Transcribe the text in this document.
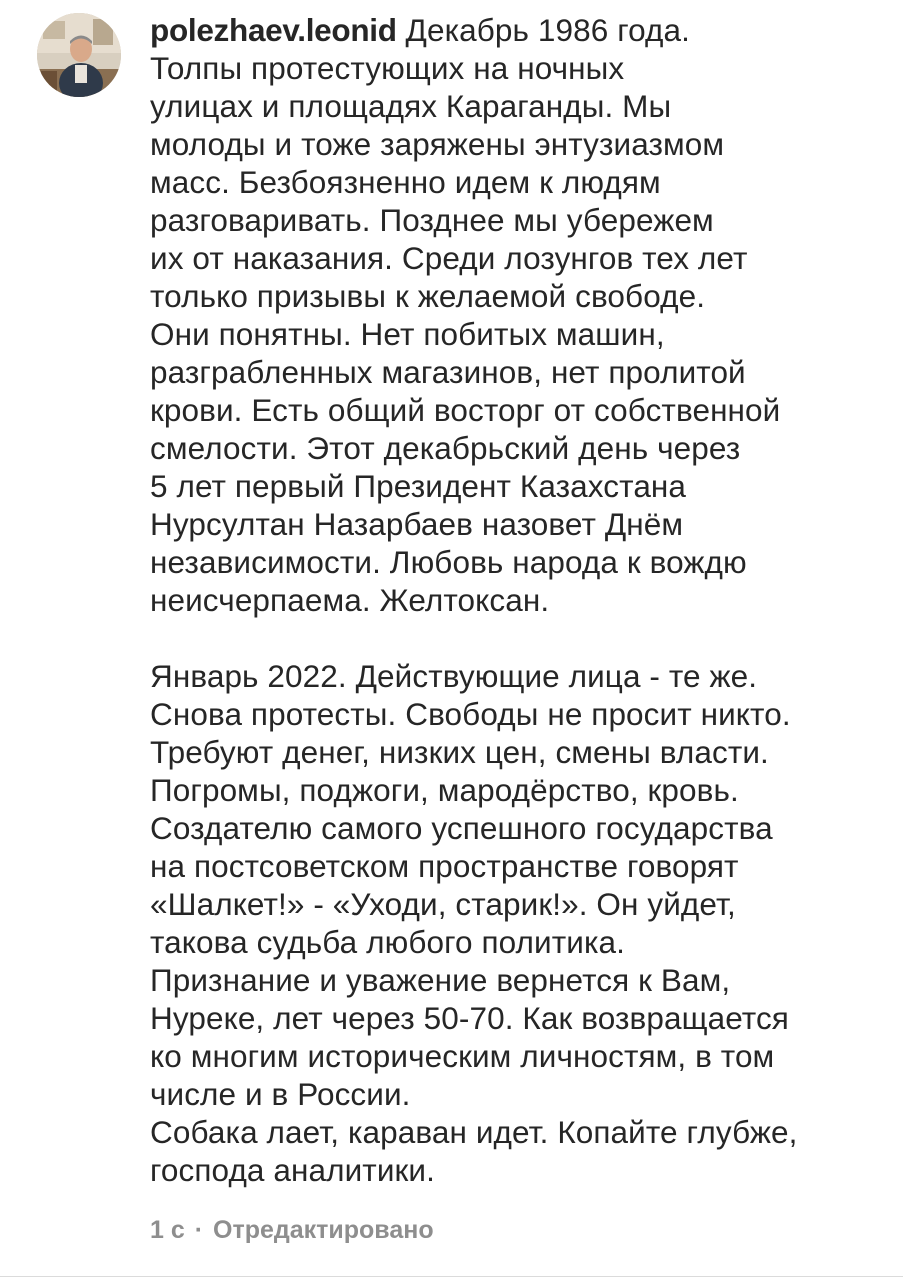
polezhaev.leonid Декабрь 1986 года.
Толпы протестующих на ночных
улицах и площадях Караганды. Мы
молоды и тоже заряжены энтузиазмом
масс. Безбоязненно идем к людям
разговаривать. Позднее мы убережем
их от наказания. Среди лозунгов тех лет
только призывы к желаемой свободе.
Они понятны. Нет побитых машин,
разграбленных магазинов, нет пролитой
крови. Есть общий восторг от собственной
смелости. Этот декабрьский день через
5 лет первый Президент Казахстана
Нурсултан Назарбаев назовет Днём
независимости. Любовь народа к вождю
неисчерпаема. Желтоксан.
Январь 2022. Действующие лица - те же.
Снова протесты. Свободы не просит никто.
Требуют денег, низких цен, смены власти.
Погромы, поджоги, мародёрство, кровь.
Создателю самого успешного государства
на постсоветском пространстве говорят
«Шалкет!» - «Уходи, старик!». Он уйдет,
такова судьба любого политика.
Признание и уважение вернется к Вам,
Нуреке, лет через 50-70. Как возвращается
ко многим историческим личностям, в том
числе и в России.
Собака лает, караван идет. Копайте глубже,
господа аналитики.
1 с · Отредактировано
